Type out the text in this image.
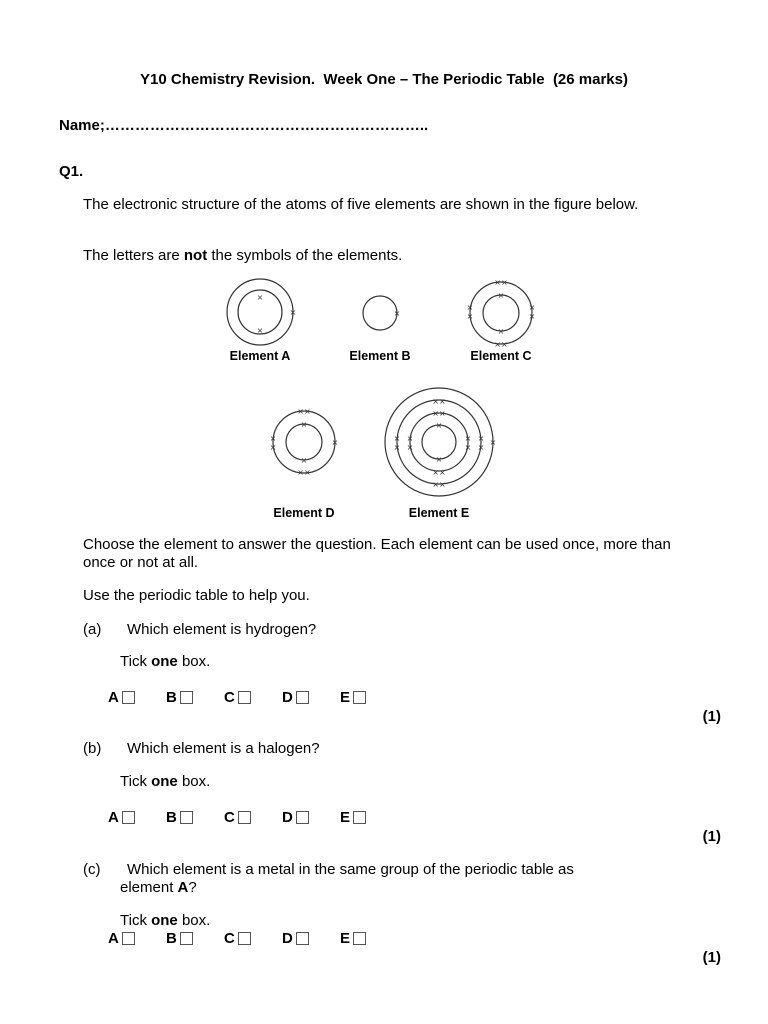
Y10 Chemistry Revision.  Week One – The Periodic Table  (26 marks)
Name;………………………………………………………..
Q1.
The electronic structure of the atoms of five elements are shown in the figure below.
The letters are not the symbols of the elements.
×
×
×	×
×
×
××
××
×
×
×
×
×
×
××
××
×
×
×
×
×
××
××
×
×
×
×
××
××
×
×
×
×
×
Element A	Element B	Element C
Element D	Element E
Choose the element to answer the question. Each element can be used once, more than once or not at all.
Use the periodic table to help you.
(a) Which element is hydrogen?
Tick one box.
A	B	C	D	E
(1)
(b) Which element is a halogen?
Tick one box.
A	B	C	D	E
(1)
(c) Which element is a metal in the same group of the periodic table as
element A?
Tick one box.
A	B	C	D	E
(1)
